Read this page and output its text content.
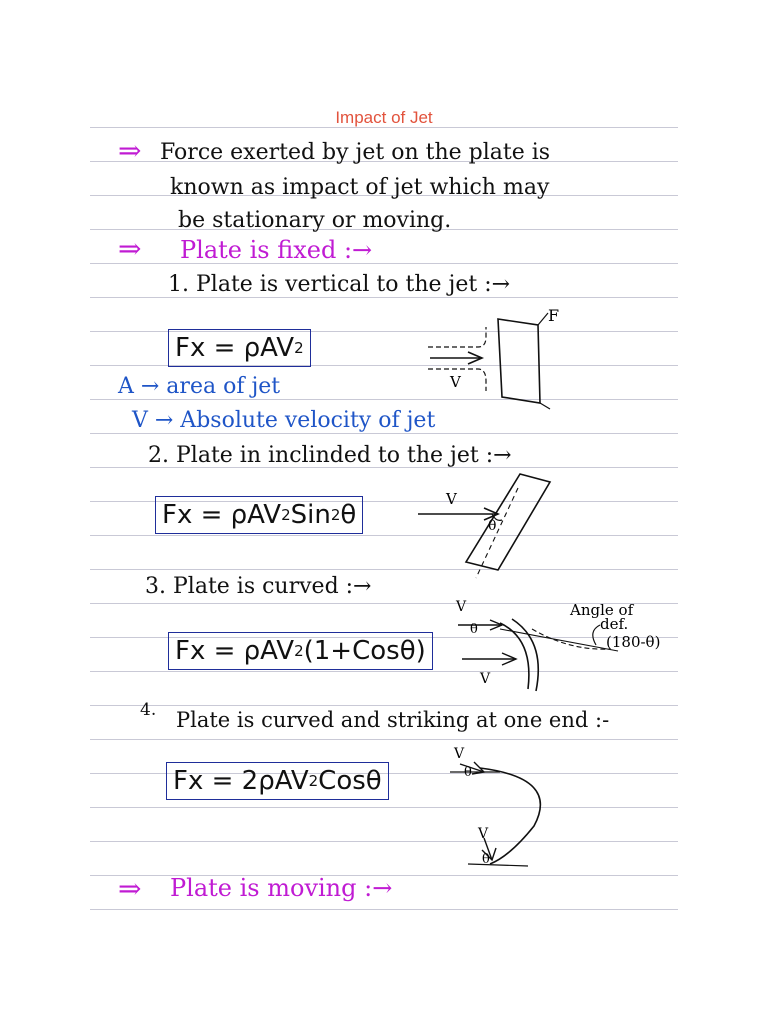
Impact of Jet
⇒ Force exerted by jet on the plate is
known as impact of jet which may
be stationary or moving.
⇒ Plate is fixed :→
1. Plate is vertical to the jet :→
Fx = ρAV 2
F
V
A → area of jet
V → Absolute velocity of jet
2. Plate in inclinded to the jet :→
Fx = ρAV 2 Sin 2 θ
V
θ
3. Plate is curved :→
Fx = ρAV 2 (1+Cosθ)
V
V
θ
Angle of
def.
(180-θ)
4. Plate is curved and striking at one end :-
Fx = 2ρAV 2 Cosθ
V
V
θ
θ
⇒ Plate is moving :→
